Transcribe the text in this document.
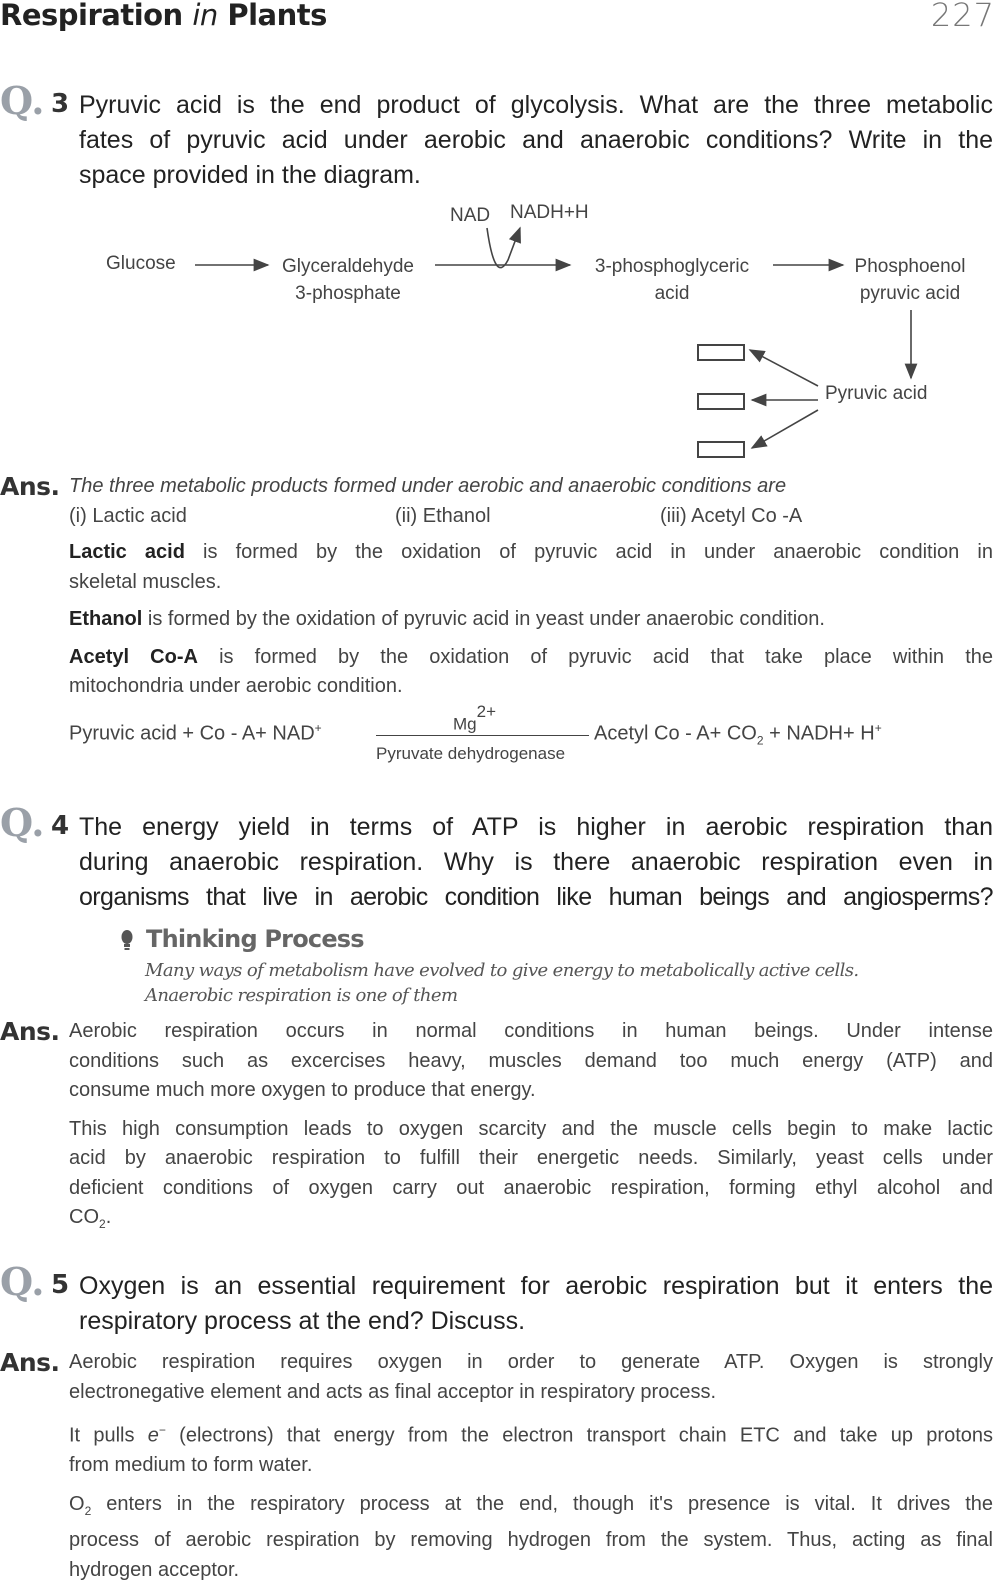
Respiration in Plants	227
Q. 3 Pyruvic acid is the end product of glycolysis. What are the three metabolic
fates of pyruvic acid under aerobic and anaerobic conditions? Write in the
space provided in the diagram.
NAD NADH+H
Glucose	Glyceraldehyde
3-phosphate
3-phosphoglyceric
acid
Phosphoenol
pyruvic acid
Pyruvic acid
Ans. The three metabolic products formed under aerobic and anaerobic conditions are
(i) Lactic acid	(ii) Ethanol	(iii) Acetyl Co -A
Lactic acid is formed by the oxidation of pyruvic acid in under anaerobic condition in
skeletal muscles.
Ethanol is formed by the oxidation of pyruvic acid in yeast under anaerobic condition.
Acetyl Co-A is formed by the oxidation of pyruvic acid that take place within the
mitochondria under aerobic condition.
Pyruvic acid + Co - A+ NAD+	$Mg^{2+}$
Pyruvate dehydrogenase
Acetyl $Co - A+ CO_2$ + NADH+ H+
Q. 4 The energy yield in terms of ATP is higher in aerobic respiration than
during anaerobic respiration. Why is there anaerobic respiration even in
organisms that live in aerobic condition like human beings and angiosperms?
Thinking Process
Many ways of metabolism have evolved to give energy to metabolically active cells.
Anaerobic respiration is one of them
Ans. Aerobic respiration occurs in normal conditions in human beings. Under intense
conditions such as excercises heavy, muscles demand too much energy (ATP) and
consume much more oxygen to produce that energy.
This high consumption leads to oxygen scarcity and the muscle cells begin to make lactic
acid by anaerobic respiration to fulfill their energetic needs. Similarly, yeast cells under
deficient conditions of oxygen carry out anaerobic respiration, forming ethyl alcohol and
$CO_2$.
Q. 5 Oxygen is an essential requirement for aerobic respiration but it enters the
respiratory process at the end? Discuss.
Ans. Aerobic respiration requires oxygen in order to generate ATP. Oxygen is strongly
electronegative element and acts as final acceptor in respiratory process.
It pulls e− (electrons) that energy from the electron transport chain ETC and take up protons
from medium to form water.
$O_2$ enters in the respiratory process at the end, though it's presence is vital. It drives the
process of aerobic respiration by removing hydrogen from the system. Thus, acting as final
hydrogen acceptor.
